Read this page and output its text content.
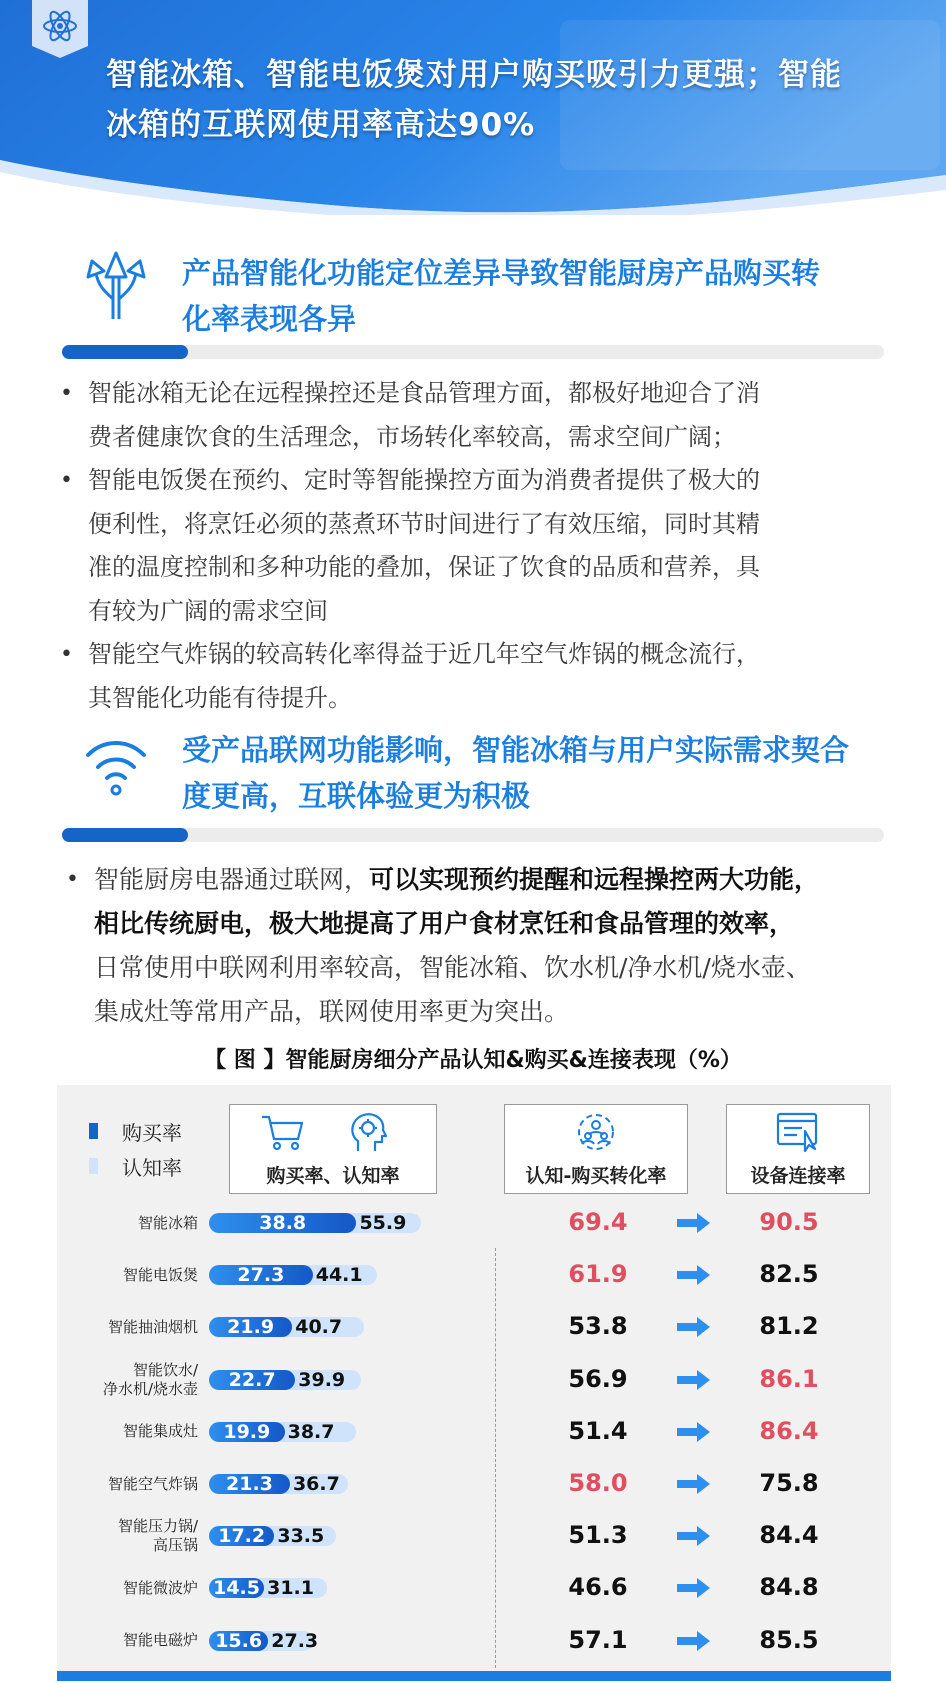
智能冰箱、智能电饭煲对用户购买吸引力更强；智能
冰箱的互联网使用率高达90%
产品智能化功能定位差异导致智能厨房产品购买转
化率表现各异
• 智能冰箱无论在远程操控还是食品管理方面，都极好地迎合了消
费者健康饮食的生活理念，市场转化率较高，需求空间广阔；
• 智能电饭煲在预约、定时等智能操控方面为消费者提供了极大的
便利性，将烹饪必须的蒸煮环节时间进行了有效压缩，同时其精
准的温度控制和多种功能的叠加，保证了饮食的品质和营养，具
有较为广阔的需求空间
• 智能空气炸锅的较高转化率得益于近几年空气炸锅的概念流行，
其智能化功能有待提升。
受产品联网功能影响，智能冰箱与用户实际需求契合
度更高，互联体验更为积极
• 智能厨房电器通过联网，可以实现预约提醒和远程操控两大功能，
相比传统厨电，极大地提高了用户食材烹饪和食品管理的效率，
日常使用中联网利用率较高，智能冰箱、饮水机/净水机/烧水壶、
集成灶等常用产品，联网使用率更为突出。
【 图 】智能厨房细分产品认知&购买&连接表现（%）
购买率
认知率	购买率、认知率	认知-购买转化率	设备连接率
智能冰箱	38.8	55.9	69.4	90.5
智能电饭煲	27.3	44.1	61.9	82.5
智能抽油烟机	21.9	40.7	53.8	81.2
智能饮水/
净水机/烧水壶	22.7	39.9	56.9	86.1
智能集成灶	19.9 38.7	51.4	86.4
智能空气炸锅	21.3	36.7	58.0	75.8
智能压力锅/
高压锅	17.2 33.5	51.3	84.4
智能微波炉 14.5 31.1	46.6	84.8
智能电磁炉 15.6 27.3	57.1	85.5
